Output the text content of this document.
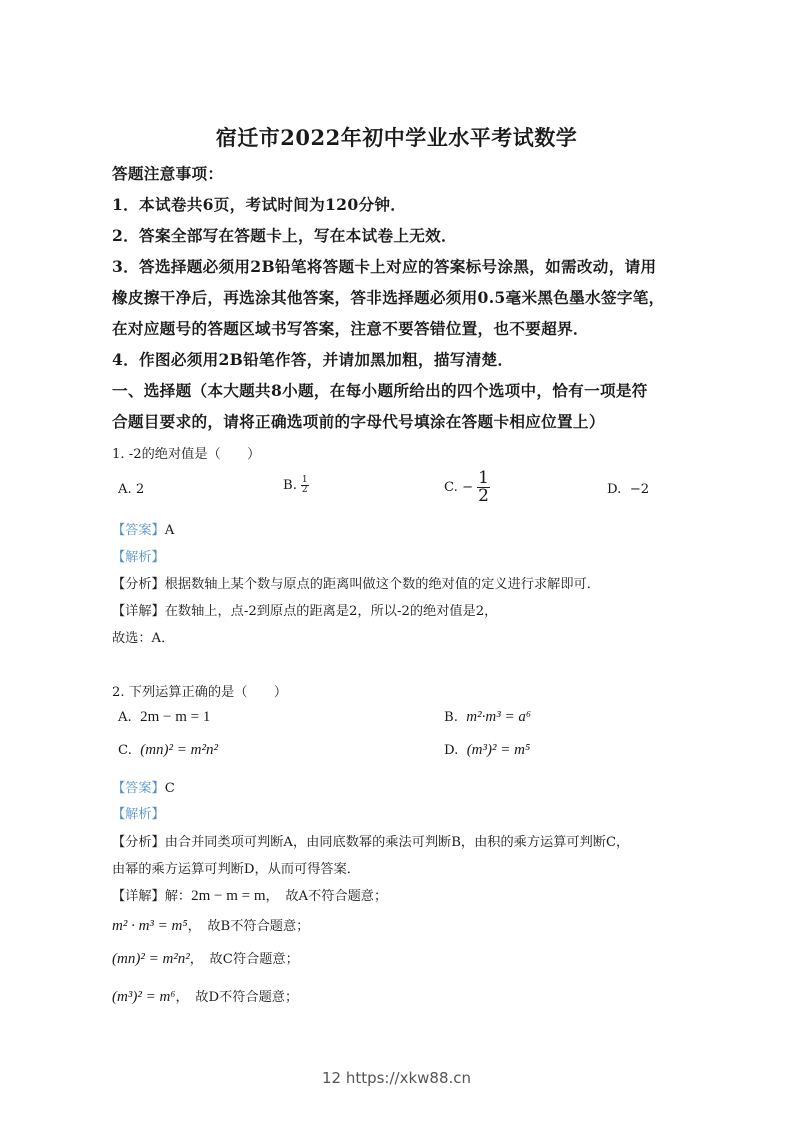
宿迁市2022年初中学业水平考试数学
答题注意事项：
1．本试卷共6页，考试时间为120分钟．
2．答案全部写在答题卡上，写在本试卷上无效．
3．答选择题必须用2B铅笔将答题卡上对应的答案标号涂黑，如需改动，请用
橡皮擦干净后，再选涂其他答案，答非选择题必须用0.5毫米黑色墨水签字笔，
在对应题号的答题区域书写答案，注意不要答错位置，也不要超界．
4．作图必须用2B铅笔作答，并请加黑加粗，描写清楚．
一、选择题（本大题共8小题，在每小题所给出的四个选项中，恰有一项是符
合题目要求的，请将正确选项前的字母代号填涂在答题卡相应位置上）
1. -2的绝对值是（　　）
A. 2	B. $\frac{1}{2}$	C. − $\frac{1}{2}$	D. −2
【答案】A
【解析】
【分析】根据数轴上某个数与原点的距离叫做这个数的绝对值的定义进行求解即可．
【详解】在数轴上，点-2到原点的距离是2，所以-2的绝对值是2，
故选：A．
2. 下列运算正确的是（　　）
A. 2m − m = 1	B. m²·m³ = a⁶
C. (mn)² = m²n²	D. (m³)² = m⁵
【答案】C
【解析】
【分析】由合并同类项可判断A，由同底数幂的乘法可判断B，由积的乘方运算可判断C，
由幂的乘方运算可判断D，从而可得答案．
【详解】解：2m − m = m，　故A不符合题意；
m² · m³ = m⁵，　故B不符合题意；
(mn)² = m²n²，　故C符合题意；
(m³)² = m⁶，　故D不符合题意；
12 https://xkw88.cn
